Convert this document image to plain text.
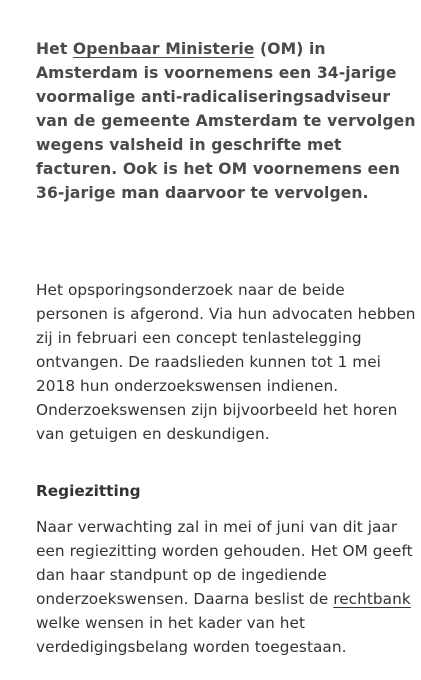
Het Openbaar Ministerie (OM) in Amsterdam is voornemens een 34-jarige voormalige anti-radicaliseringsadviseur van de gemeente Amsterdam te vervolgen wegens valsheid in geschrifte met facturen. Ook is het OM voornemens een 36-jarige man daarvoor te vervolgen.

Het opsporingsonderzoek naar de beide personen is afgerond. Via hun advocaten hebben zij in februari een concept tenlastelegging ontvangen. De raadslieden kunnen tot 1 mei 2018 hun onderzoekswensen indienen. Onderzoekswensen zijn bijvoorbeeld het horen van getuigen en deskundigen.

Regiezitting

Naar verwachting zal in mei of juni van dit jaar een regiezitting worden gehouden. Het OM geeft dan haar standpunt op de ingediende onderzoekswensen. Daarna beslist de rechtbank welke wensen in het kader van het verdedigingsbelang worden toegestaan.
